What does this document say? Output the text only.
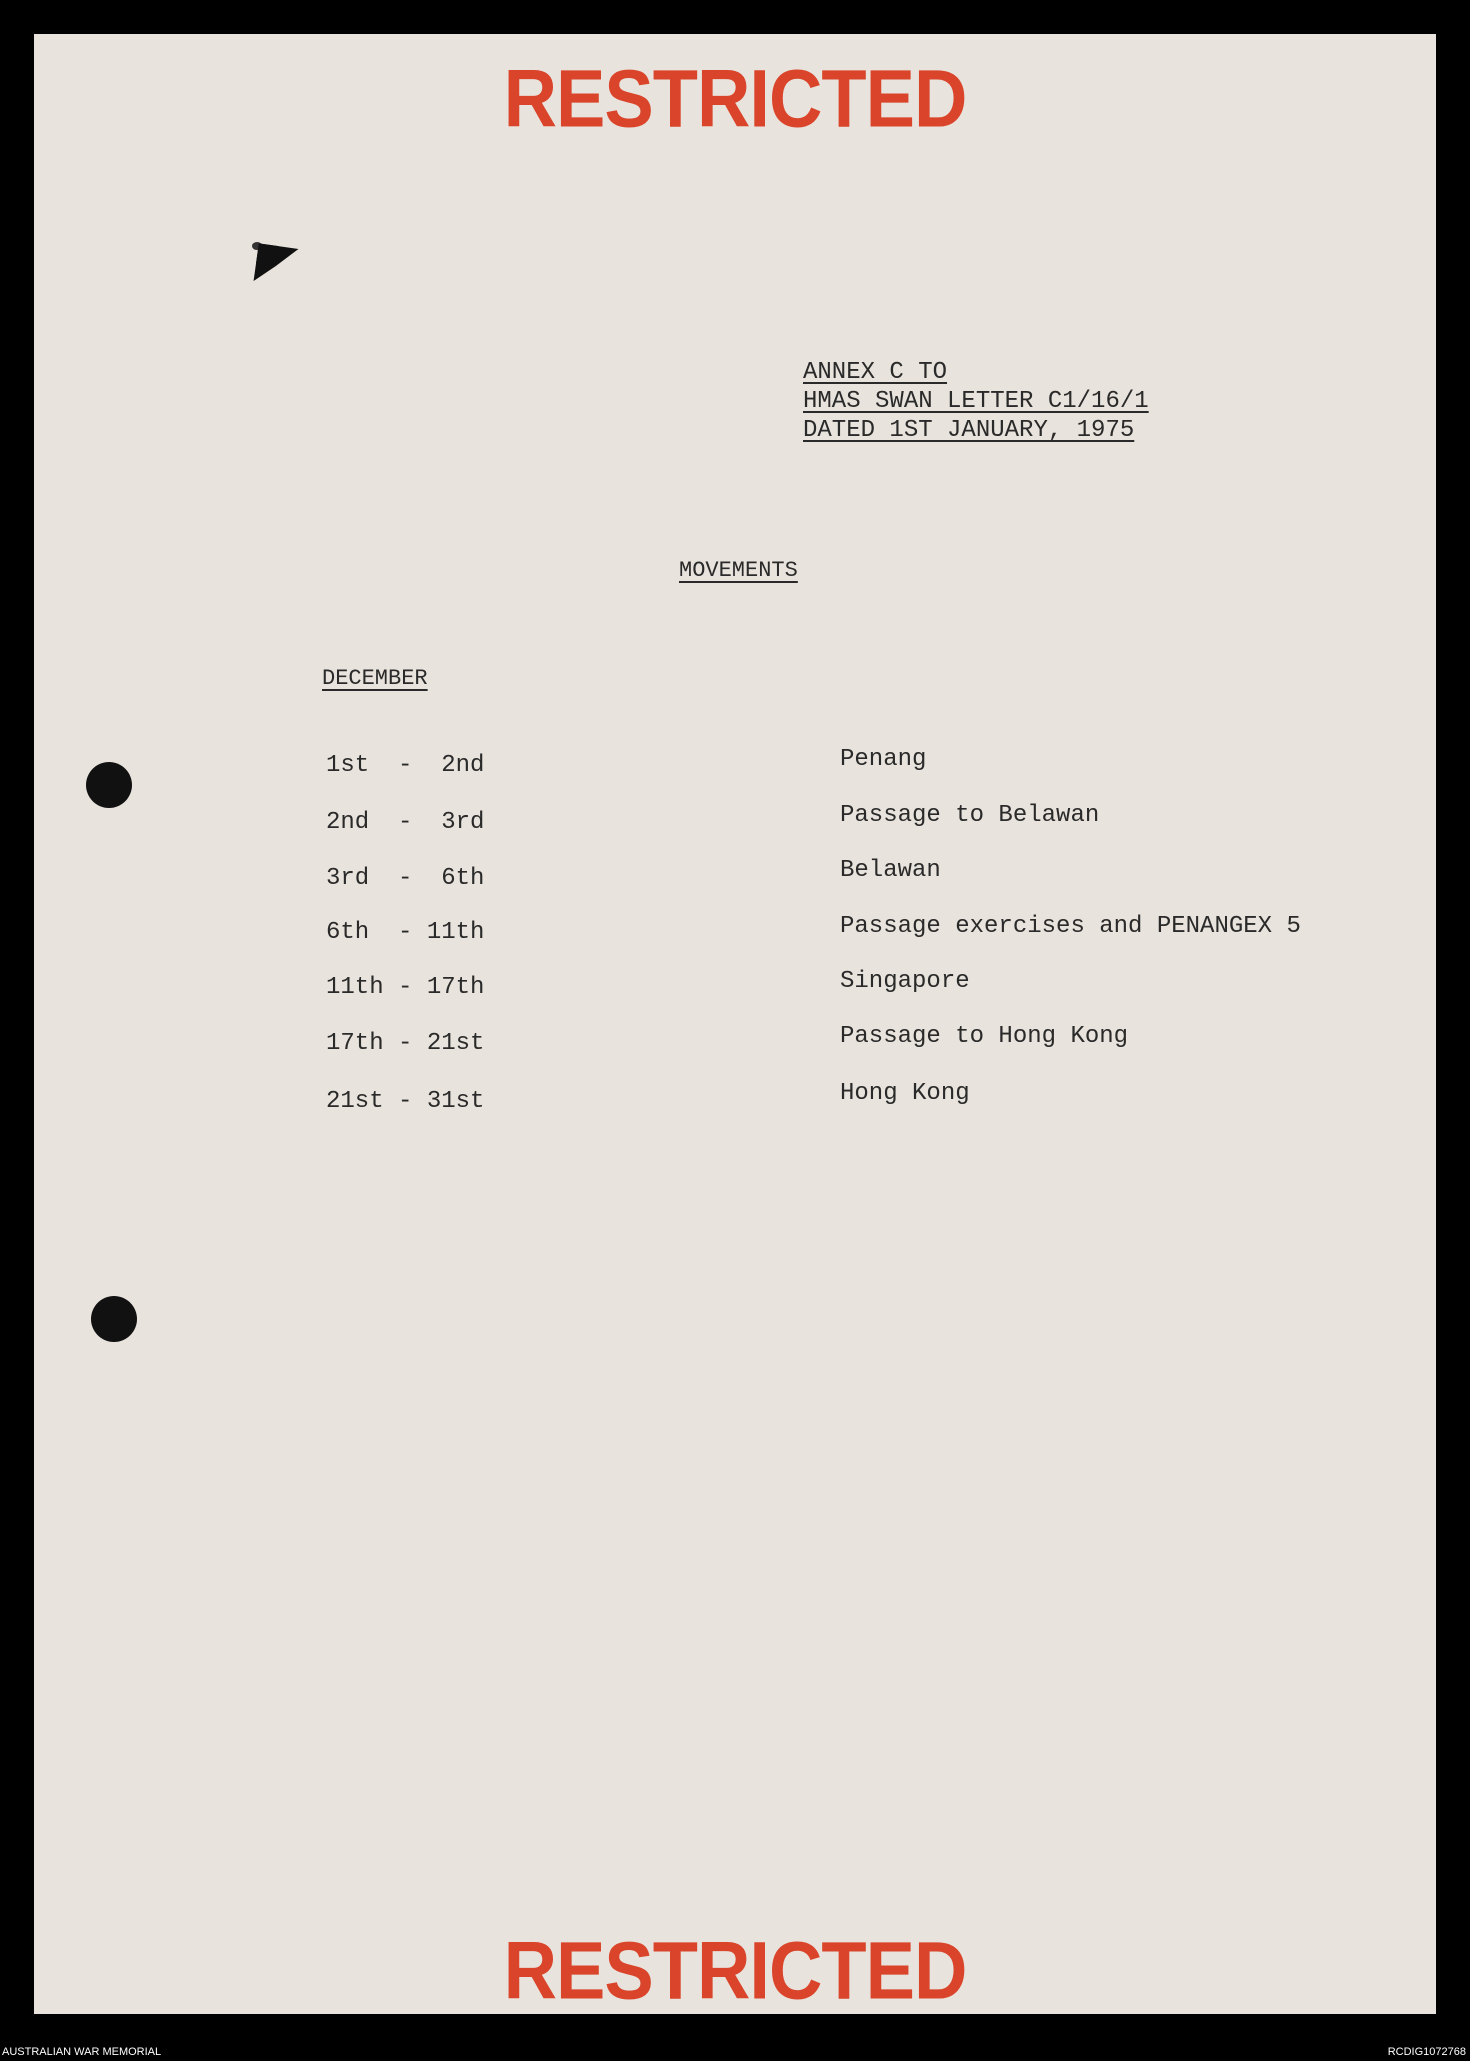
RESTRICTED
ANNEX C TO
HMAS SWAN LETTER C1/16/1
DATED 1ST JANUARY, 1975
MOVEMENTS
DECEMBER
1st  -  2nd	Penang
2nd  -  3rd	Passage to Belawan
3rd  -  6th	Belawan
6th  - 11th	Passage exercises and PENANGEX 5
11th - 17th	Singapore
17th - 21st	Passage to Hong Kong
21st - 31st	Hong Kong
RESTRICTED
AUSTRALIAN WAR MEMORIAL	RCDIG1072768
